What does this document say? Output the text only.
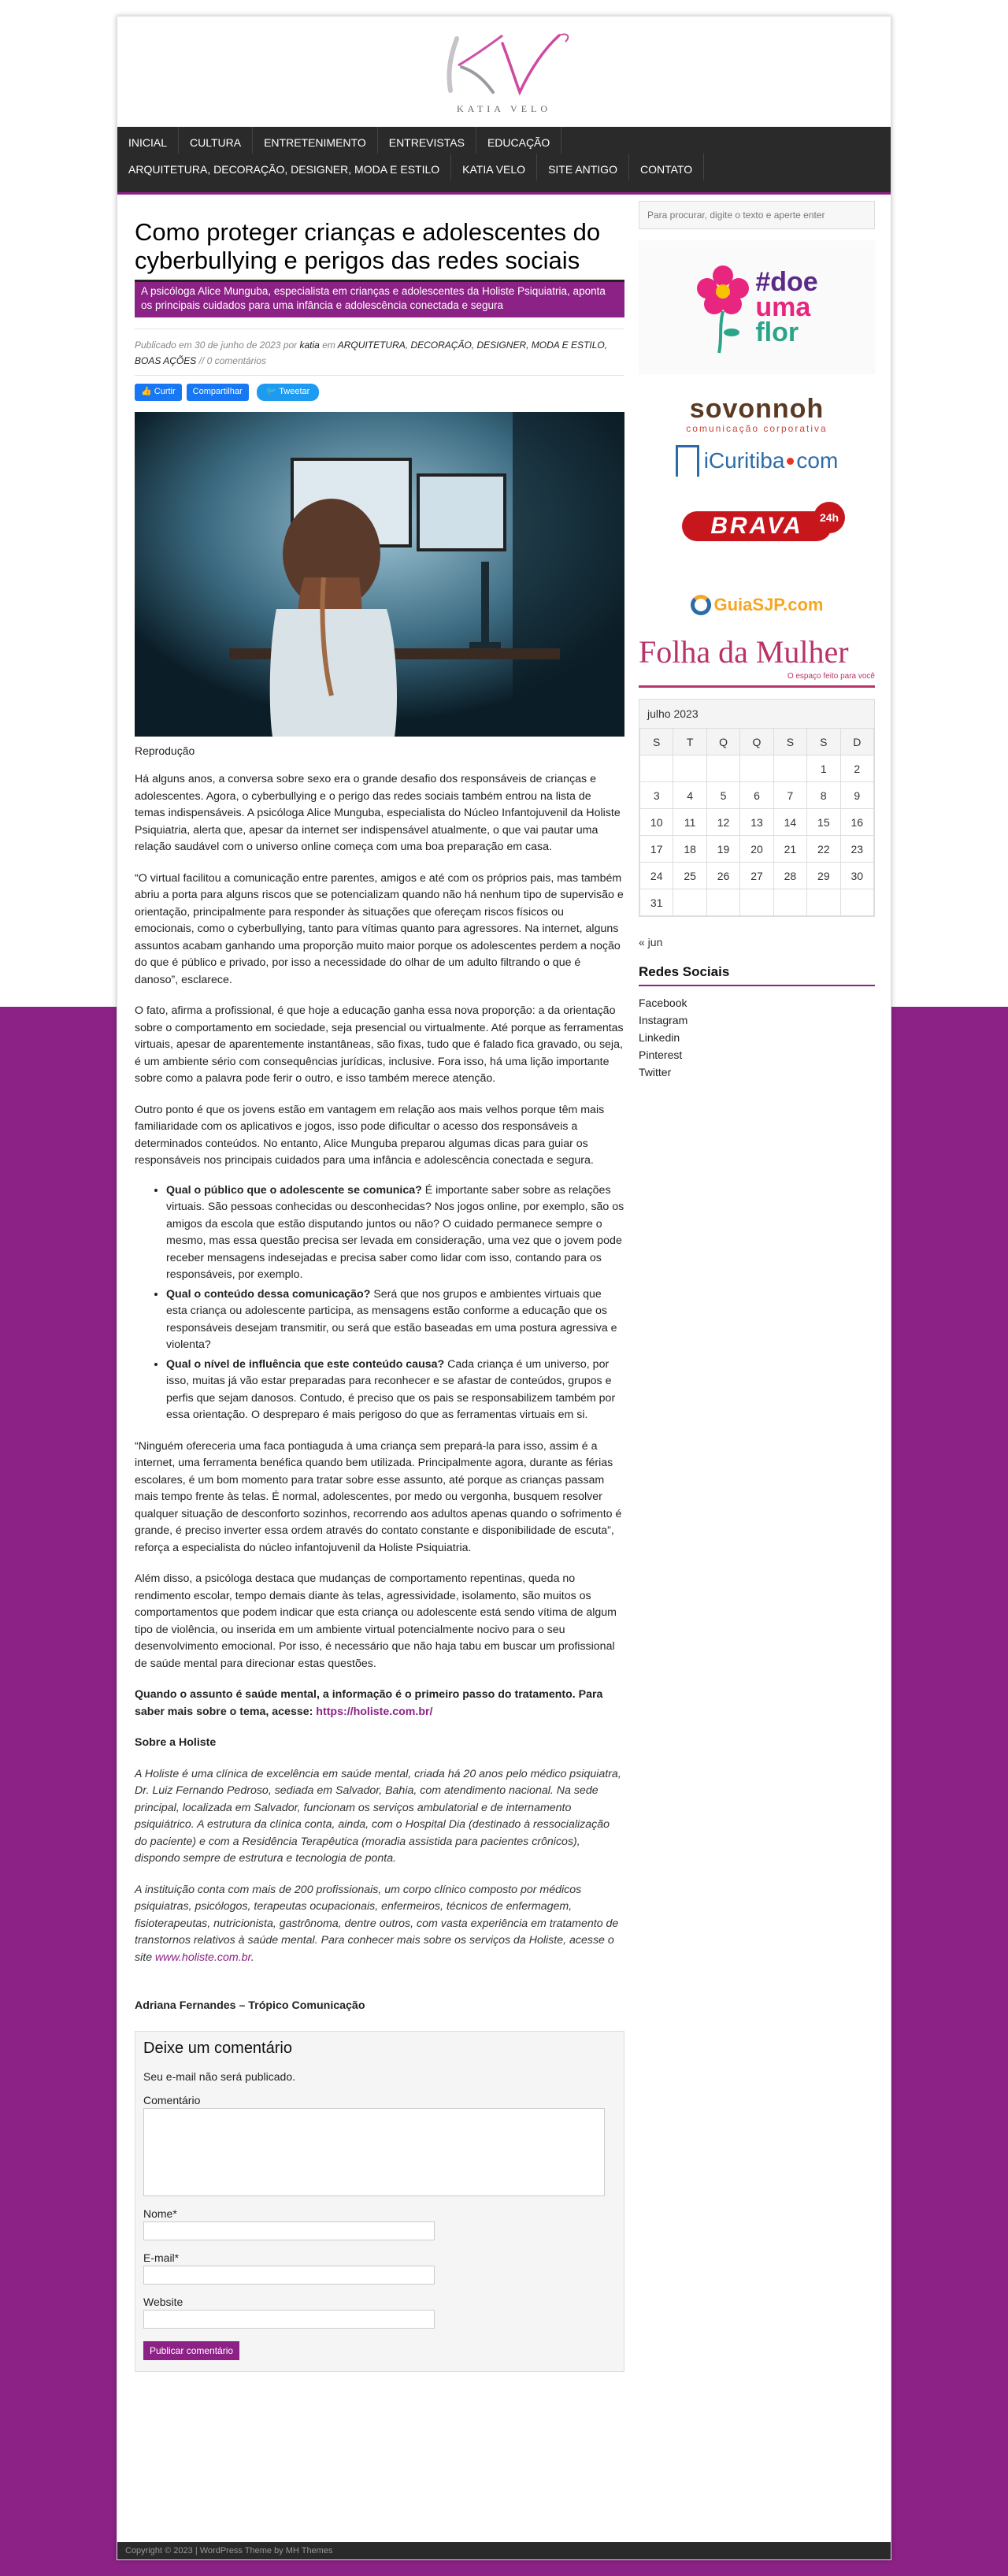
KATIA VELO
INICIAL	CULTURA	ENTRETENIMENTO	ENTREVISTAS	EDUCAÇÃO
ARQUITETURA, DECORAÇÃO, DESIGNER, MODA E ESTILO	KATIA VELO	SITE ANTIGO	CONTATO
Como proteger crianças e adolescentes do cyberbullying e perigos das redes sociais
A psicóloga Alice Munguba, especialista em crianças e adolescentes da Holiste Psiquiatria, aponta os principais cuidados para uma infância e adolescência conectada e segura
Publicado em 30 de junho de 2023 por katia em ARQUITETURA, DECORAÇÃO, DESIGNER, MODA E ESTILO, BOAS AÇÕES // 0 comentários
👍 Curtir	Compartilhar	🐦 Tweetar
Reprodução

Há alguns anos, a conversa sobre sexo era o grande desafio dos responsáveis de crianças e adolescentes. Agora, o cyberbullying e o perigo das redes sociais também entrou na lista de temas indispensáveis. A psicóloga Alice Munguba, especialista do Núcleo Infantojuvenil da Holiste Psiquiatria, alerta que, apesar da internet ser indispensável atualmente, o que vai pautar uma relação saudável com o universo online começa com uma boa preparação em casa.

“O virtual facilitou a comunicação entre parentes, amigos e até com os próprios pais, mas também abriu a porta para alguns riscos que se potencializam quando não há nenhum tipo de supervisão e orientação, principalmente para responder às situações que ofereçam riscos físicos ou emocionais, como o cyberbullying, tanto para vítimas quanto para agressores. Na internet, alguns assuntos acabam ganhando uma proporção muito maior porque os adolescentes perdem a noção do que é público e privado, por isso a necessidade do olhar de um adulto filtrando o que é danoso”, esclarece.

O fato, afirma a profissional, é que hoje a educação ganha essa nova proporção: a da orientação sobre o comportamento em sociedade, seja presencial ou virtualmente. Até porque as ferramentas virtuais, apesar de aparentemente instantâneas, são fixas, tudo que é falado fica gravado, ou seja, é um ambiente sério com consequências jurídicas, inclusive. Fora isso, há uma lição importante sobre como a palavra pode ferir o outro, e isso também merece atenção.

Outro ponto é que os jovens estão em vantagem em relação aos mais velhos porque têm mais familiaridade com os aplicativos e jogos, isso pode dificultar o acesso dos responsáveis a determinados conteúdos. No entanto, Alice Munguba preparou algumas dicas para guiar os responsáveis nos principais cuidados para uma infância e adolescência conectada e segura.

• Qual o público que o adolescente se comunica? É importante saber sobre as relações virtuais. São pessoas conhecidas ou desconhecidas? Nos jogos online, por exemplo, são os amigos da escola que estão disputando juntos ou não? O cuidado permanece sempre o mesmo, mas essa questão precisa ser levada em consideração, uma vez que o jovem pode receber mensagens indesejadas e precisa saber como lidar com isso, contando para os responsáveis, por exemplo.
• Qual o conteúdo dessa comunicação? Será que nos grupos e ambientes virtuais que esta criança ou adolescente participa, as mensagens estão conforme a educação que os responsáveis desejam transmitir, ou será que estão baseadas em uma postura agressiva e violenta?
• Qual o nível de influência que este conteúdo causa? Cada criança é um universo, por isso, muitas já vão estar preparadas para reconhecer e se afastar de conteúdos, grupos e perfis que sejam danosos. Contudo, é preciso que os pais se responsabilizem também por essa orientação. O despreparo é mais perigoso do que as ferramentas virtuais em si.

“Ninguém ofereceria uma faca pontiaguda à uma criança sem prepará-la para isso, assim é a internet, uma ferramenta benéfica quando bem utilizada. Principalmente agora, durante as férias escolares, é um bom momento para tratar sobre esse assunto, até porque as crianças passam mais tempo frente às telas. É normal, adolescentes, por medo ou vergonha, busquem resolver qualquer situação de desconforto sozinhos, recorrendo aos adultos apenas quando o sofrimento é grande, é preciso inverter essa ordem através do contato constante e disponibilidade de escuta”, reforça a especialista do núcleo infantojuvenil da Holiste Psiquiatria.

Além disso, a psicóloga destaca que mudanças de comportamento repentinas, queda no rendimento escolar, tempo demais diante às telas, agressividade, isolamento, são muitos os comportamentos que podem indicar que esta criança ou adolescente está sendo vítima de algum tipo de violência, ou inserida em um ambiente virtual potencialmente nocivo para o seu desenvolvimento emocional. Por isso, é necessário que não haja tabu em buscar um profissional de saúde mental para direcionar estas questões.

Quando o assunto é saúde mental, a informação é o primeiro passo do tratamento. Para saber mais sobre o tema, acesse: https://holiste.com.br/

Sobre a Holiste

A Holiste é uma clínica de excelência em saúde mental, criada há 20 anos pelo médico psiquiatra, Dr. Luiz Fernando Pedroso, sediada em Salvador, Bahia, com atendimento nacional. Na sede principal, localizada em Salvador, funcionam os serviços ambulatorial e de internamento psiquiátrico. A estrutura da clínica conta, ainda, com o Hospital Dia (destinado à ressocialização do paciente) e com a Residência Terapêutica (moradia assistida para pacientes crônicos), dispondo sempre de estrutura e tecnologia de ponta.

A instituição conta com mais de 200 profissionais, um corpo clínico composto por médicos psiquiatras, psicólogos, terapeutas ocupacionais, enfermeiros, técnicos de enfermagem, fisioterapeutas, nutricionista, gastrônoma, dentre outros, com vasta experiência em tratamento de transtornos relativos à saúde mental. Para conhecer mais sobre os serviços da Holiste, acesse o site www.holiste.com.br.

Adriana Fernandes – Trópico Comunicação

Deixe um comentário
Seu e-mail não será publicado.
Comentário
Nome*
E-mail*
Website
Publicar comentário
Para procurar, digite o texto e aperte enter
#doe
uma
flor
sovonnoh
comunicação corporativa
iCuritiba com
BRAVA	24h
GuiaSJP.com
Folha da Mulher
O espaço feito para você
julho 2023
S	T	Q	Q	S	S	D
					1	2
3	4	5	6	7	8	9
10	11	12	13	14	15	16
17	18	19	20	21	22	23
24	25	26	27	28	29	30
31						
« jun
Redes Sociais
Facebook
Instagram
Linkedin
Pinterest
Twitter
Copyright © 2023 | WordPress Theme by MH Themes
